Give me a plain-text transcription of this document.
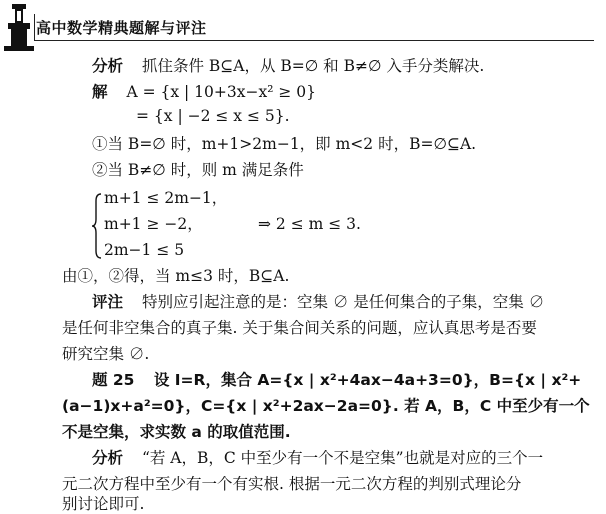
高中数学精典题解与评注
分析 抓住条件 B⊆A，从 B=∅ 和 B≠∅ 入手分类解决.
解 A = {x | 10+3x−x² ≥ 0}
= {x | −2 ≤ x ≤ 5}.
①当 B=∅ 时，m+1>2m−1，即 m<2 时，B=∅⊆A.
②当 B≠∅ 时，则 m 满足条件
m+1 ≤ 2m−1，
m+1 ≥ −2，	⇒ 2 ≤ m ≤ 3.
2m−1 ≤ 5
由①，②得，当 m≤3 时，B⊆A.
评注 特别应引起注意的是：空集 ∅ 是任何集合的子集，空集 ∅
是任何非空集合的真子集. 关于集合间关系的问题，应认真思考是否要
研究空集 ∅.
题 25 设 I=R，集合 A={x | x²+4ax−4a+3=0}，B={x | x²+
(a−1)x+a²=0}，C={x | x²+2ax−2a=0}. 若 A，B，C 中至少有一个
不是空集，求实数 a 的取值范围.
分析 “若 A，B，C 中至少有一个不是空集”也就是对应的三个一
元二次方程中至少有一个有实根. 根据一元二次方程的判别式理论分
别讨论即可.
